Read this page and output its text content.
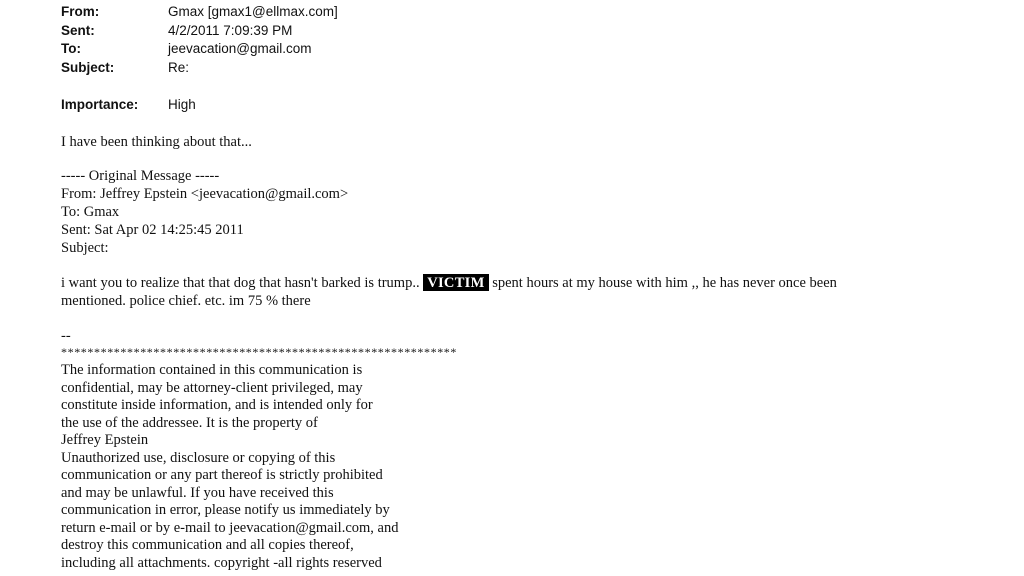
From:	Gmax [gmax1@ellmax.com]
Sent:	4/2/2011 7:09:39 PM
To:	jeevacation@gmail.com
Subject:	Re:
Importance: High
I have been thinking about that...
----- Original Message -----
From: Jeffrey Epstein <jeevacation@gmail.com>
To: Gmax
Sent: Sat Apr 02 14:25:45 2011
Subject:
i want you to realize that that dog that hasn't barked is trump.. VICTIM spent hours at my house with him ,, he has never once been
mentioned. police chief. etc. im 75 % there
--
************************************************************
The information contained in this communication is
confidential, may be attorney-client privileged, may
constitute inside information, and is intended only for
the use of the addressee. It is the property of
Jeffrey Epstein
Unauthorized use, disclosure or copying of this
communication or any part thereof is strictly prohibited
and may be unlawful. If you have received this
communication in error, please notify us immediately by
return e-mail or by e-mail to jeevacation@gmail.com, and
destroy this communication and all copies thereof,
including all attachments. copyright -all rights reserved
